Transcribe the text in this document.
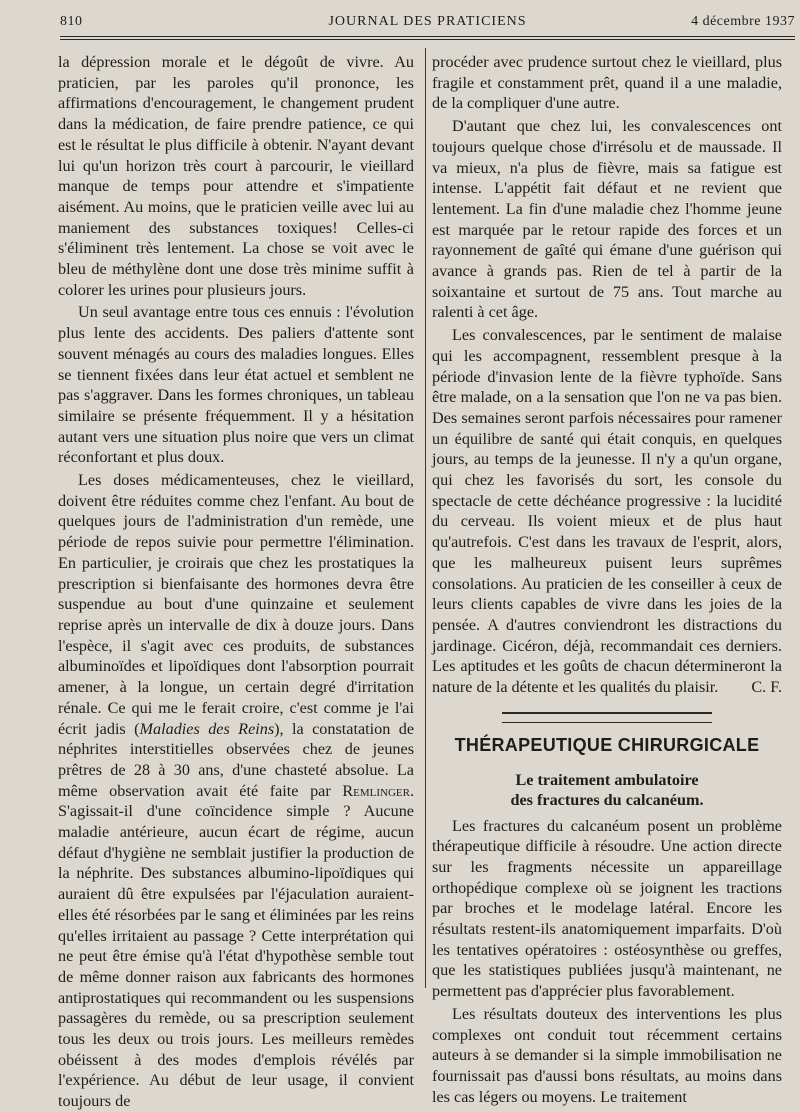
810	JOURNAL DES PRATICIENS	4 décembre 1937

la dépression morale et le dégoût de vivre. Au praticien, par les paroles qu'il prononce, les affirmations d'encouragement, le changement prudent dans la médication, de faire prendre patience, ce qui est le résultat le plus difficile à obtenir. N'ayant devant lui qu'un horizon très court à parcourir, le vieillard manque de temps pour attendre et s'impatiente aisément. Au moins, que le praticien veille avec lui au maniement des substances toxiques! Celles-ci s'éliminent très lentement. La chose se voit avec le bleu de méthylène dont une dose très minime suffit à colorer les urines pour plusieurs jours.

Un seul avantage entre tous ces ennuis : l'évolution plus lente des accidents. Des paliers d'attente sont souvent ménagés au cours des maladies longues. Elles se tiennent fixées dans leur état actuel et semblent ne pas s'aggraver. Dans les formes chroniques, un tableau similaire se présente fréquemment. Il y a hésitation autant vers une situation plus noire que vers un climat réconfortant et plus doux.

Les doses médicamenteuses, chez le vieillard, doivent être réduites comme chez l'enfant. Au bout de quelques jours de l'administration d'un remède, une période de repos suivie pour permettre l'élimination. En particulier, je croirais que chez les prostatiques la prescription si bienfaisante des hormones devra être suspendue au bout d'une quinzaine et seulement reprise après un intervalle de dix à douze jours. Dans l'espèce, il s'agit avec ces produits, de substances albuminoïdes et lipoïdiques dont l'absorption pourrait amener, à la longue, un certain degré d'irritation rénale. Ce qui me le ferait croire, c'est comme je l'ai écrit jadis (Maladies des Reins), la constatation de néphrites interstitielles observées chez de jeunes prêtres de 28 à 30 ans, d'une chasteté absolue. La même observation avait été faite par Remlinger. S'agissait-il d'une coïncidence simple ? Aucune maladie antérieure, aucun écart de régime, aucun défaut d'hygiène ne semblait justifier la production de la néphrite. Des substances albumino-lipoïdiques qui auraient dû être expulsées par l'éjaculation auraient-elles été résorbées par le sang et éliminées par les reins qu'elles irritaient au passage ? Cette interprétation qui ne peut être émise qu'à l'état d'hypothèse semble tout de même donner raison aux fabricants des hormones antiprostatiques qui recommandent ou les suspensions passagères du remède, ou sa prescription seulement tous les deux ou trois jours. Les meilleurs remèdes obéissent à des modes d'emplois révélés par l'expérience. Au début de leur usage, il convient toujours de

procéder avec prudence surtout chez le vieillard, plus fragile et constamment prêt, quand il a une maladie, de la compliquer d'une autre.

D'autant que chez lui, les convalescences ont toujours quelque chose d'irrésolu et de maussade. Il va mieux, n'a plus de fièvre, mais sa fatigue est intense. L'appétit fait défaut et ne revient que lentement. La fin d'une maladie chez l'homme jeune est marquée par le retour rapide des forces et un rayonnement de gaîté qui émane d'une guérison qui avance à grands pas. Rien de tel à partir de la soixantaine et surtout de 75 ans. Tout marche au ralenti à cet âge.

Les convalescences, par le sentiment de malaise qui les accompagnent, ressemblent presque à la période d'invasion lente de la fièvre typhoïde. Sans être malade, on a la sensation que l'on ne va pas bien. Des semaines seront parfois nécessaires pour ramener un équilibre de santé qui était conquis, en quelques jours, au temps de la jeunesse. Il n'y a qu'un organe, qui chez les favorisés du sort, les console du spectacle de cette déchéance progressive : la lucidité du cerveau. Ils voient mieux et de plus haut qu'autrefois. C'est dans les travaux de l'esprit, alors, que les malheureux puisent leurs suprêmes consolations. Au praticien de les conseiller à ceux de leurs clients capables de vivre dans les joies de la pensée. A d'autres conviendront les distractions du jardinage. Cicéron, déjà, recommandait ces derniers. Les aptitudes et les goûts de chacun détermineront la nature de la détente et les qualités du plaisir. C. F.

THÉRAPEUTIQUE CHIRURGICALE
Le traitement ambulatoire
des fractures du calcanéum.

Les fractures du calcanéum posent un problème thérapeutique difficile à résoudre. Une action directe sur les fragments nécessite un appareillage orthopédique complexe où se joignent les tractions par broches et le modelage latéral. Encore les résultats restent-ils anatomiquement imparfaits. D'où les tentatives opératoires : ostéosynthèse ou greffes, que les statistiques publiées jusqu'à maintenant, ne permettent pas d'apprécier plus favorablement.

Les résultats douteux des interventions les plus complexes ont conduit tout récemment certains auteurs à se demander si la simple immobilisation ne fournissait pas d'aussi bons résultats, au moins dans les cas légers ou moyens. Le traitement
